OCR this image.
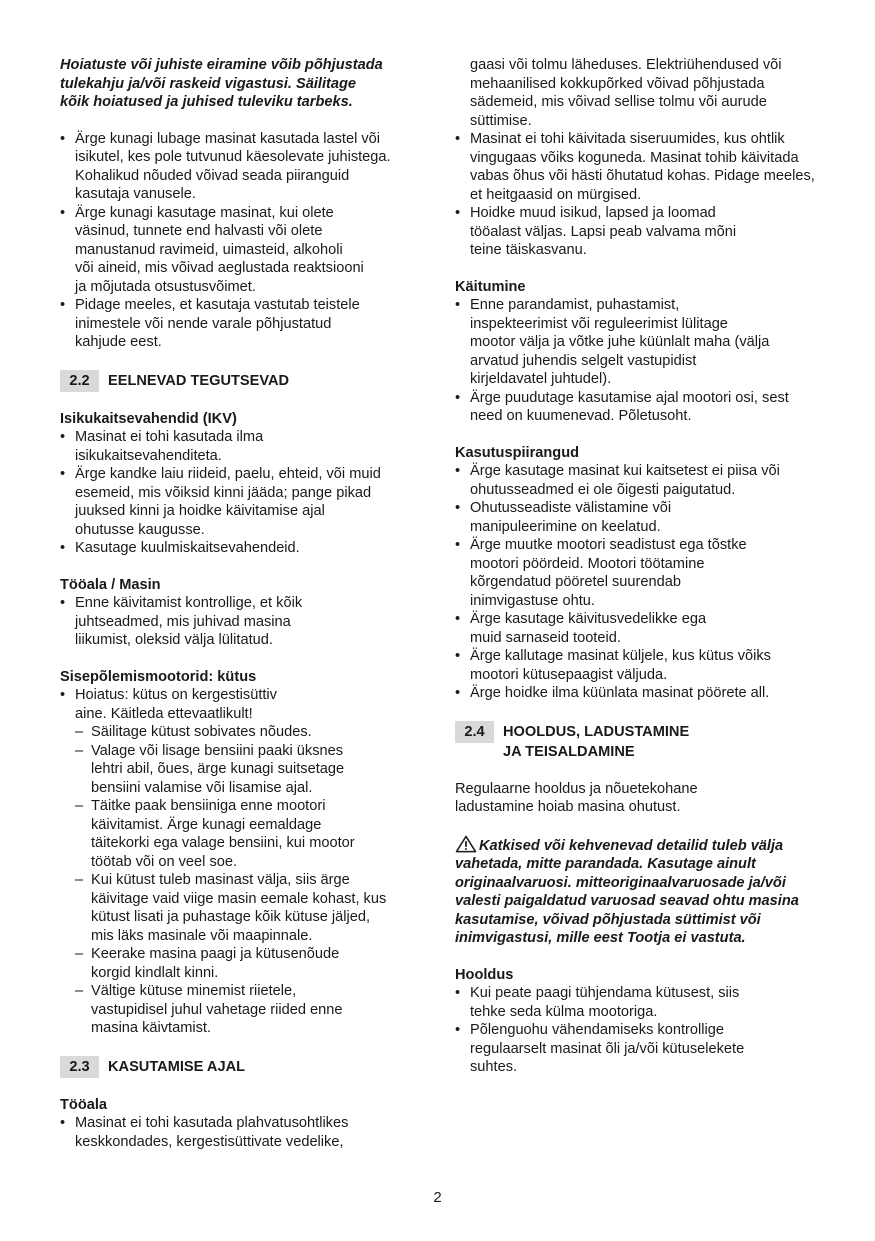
Hoiatuste või juhiste eiramine võib põhjustada tulekahju ja/või raskeid vigastusi. Säilitage kõik hoiatused ja juhised tuleviku tarbeks.

• Ärge kunagi lubage masinat kasutada lastel või isikutel, kes pole tutvunud käesolevate juhistega. Kohalikud nõuded võivad seada piiranguid kasutaja vanusele.
• Ärge kunagi kasutage masinat, kui olete väsinud, tunnete end halvasti või olete manustanud ravimeid, uimasteid, alkoholi või aineid, mis võivad aeglustada reaktsiooni ja mõjutada otsustusvõimet.
• Pidage meeles, et kasutaja vastutab teistele inimestele või nende varale põhjustatud kahjude eest.
2.2	EELNEVAD TEGUTSEVAD

Isikukaitsevahendid (IKV)

• Masinat ei tohi kasutada ilma isikukaitsevahenditeta.
• Ärge kandke laiu riideid, paelu, ehteid, või muid esemeid, mis võiksid kinni jääda; pange pikad juuksed kinni ja hoidke käivitamise ajal ohutusse kaugusse.
• Kasutage kuulmiskaitsevahendeid.

Tööala / Masin

• Enne käivitamist kontrollige, et kõik juhtseadmed, mis juhivad masina liikumist, oleksid välja lülitatud.

Sisepõlemismootorid: kütus

• Hoiatus: kütus on kergestisüttiv aine. Käitleda ettevaatlikult!
– Säilitage kütust sobivates nõudes.
– Valage või lisage bensiini paaki üksnes lehtri abil, õues, ärge kunagi suitsetage bensiini valamise või lisamise ajal.
– Täitke paak bensiiniga enne mootori käivitamist. Ärge kunagi eemaldage täitekorki ega valage bensiini, kui mootor töötab või on veel soe.
– Kui kütust tuleb masinast välja, siis ärge käivitage vaid viige masin eemale kohast, kus kütust lisati ja puhastage kõik kütuse jäljed, mis läks masinale või maapinnale.
– Keerake masina paagi ja kütusenõude korgid kindlalt kinni.
– Vältige kütuse minemist riietele, vastupidisel juhul vahetage riided enne masina käivtamist.
2.3	KASUTAMISE AJAL

Tööala

• Masinat ei tohi kasutada plahvatusohtlikes keskkondades, kergestisüttivate vedelike,

gaasi või tolmu läheduses. Elektriühendused või mehaanilised kokkupõrked võivad põhjustada sädemeid, mis võivad sellise tolmu või aurude süttimise.

• Masinat ei tohi käivitada siseruumides, kus ohtlik vingugaas võiks koguneda. Masinat tohib käivitada vabas õhus või hästi õhutatud kohas. Pidage meeles, et heitgaasid on mürgised.
• Hoidke muud isikud, lapsed ja loomad tööalast väljas. Lapsi peab valvama mõni teine täiskasvanu.

Käitumine

• Enne parandamist, puhastamist, inspekteerimist või reguleerimist lülitage mootor välja ja võtke juhe küünlalt maha (välja arvatud juhendis selgelt vastupidist kirjeldavatel juhtudel).
• Ärge puudutage kasutamise ajal mootori osi, sest need on kuumenevad. Põletusoht.

Kasutuspiirangud

• Ärge kasutage masinat kui kaitsetest ei piisa või ohutusseadmed ei ole õigesti paigutatud.
• Ohutusseadiste välistamine või manipuleerimine on keelatud.
• Ärge muutke mootori seadistust ega tõstke mootori pöördeid. Mootori töötamine kõrgendatud pööretel suurendab inimvigastuse ohtu.
• Ärge kasutage käivitusvedelikke ega muid sarnaseid tooteid.
• Ärge kallutage masinat küljele, kus kütus võiks mootori kütusepaagist väljuda.
• Ärge hoidke ilma küünlata masinat pöörete all.
2.4	HOOLDUS, LADUSTAMINE
JA TEISALDAMINE

Regulaarne hooldus ja nõuetekohane ladustamine hoiab masina ohutust.

Katkised või kehvenevad detailid tuleb välja vahetada, mitte parandada. Kasutage ainult originaalvaruosi. mitteoriginaalvaruosade ja/või valesti paigaldatud varuosad seavad ohtu masina kasutamise, võivad põhjustada süttimist või inimvigastusi, mille eest Tootja ei vastuta.

Hooldus

• Kui peate paagi tühjendama kütusest, siis tehke seda külma mootoriga.
• Põlenguohu vähendamiseks kontrollige regulaarselt masinat õli ja/või kütuselekete suhtes.
2
